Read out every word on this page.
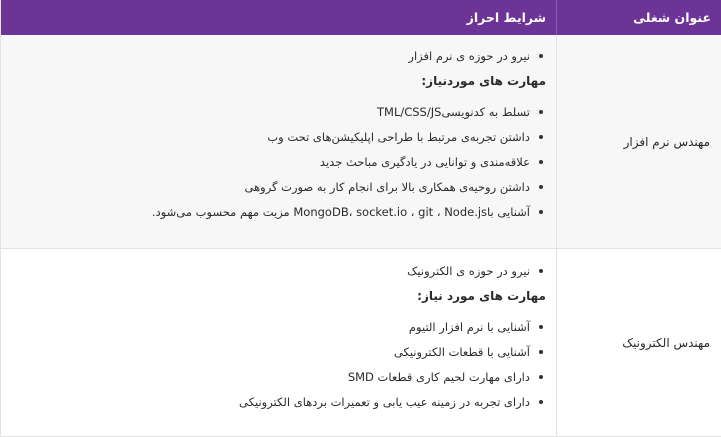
عنوان شغلی
شرایط احراز
مهندس نرم افزار
نیرو در حوزه ی نرم افزار
مهارت های موردنیاز:
تسلط به کدنویسیTML/CSS/JS
داشتن تجربه‌ی مرتبط با طراحی اپلیکیشن‌های تحت وب
علاقه‌مندی و توانایی در یادگیری مباحث جدید
داشتن روحیه‌ی همکاری بالا برای انجام کار به صورت گروهی
آشنایی باMongoDB، socket.io ، git ، Node.js مزیت مهم محسوب می‌شود.
مهندس الکترونیک
نیرو در حوزه ی الکترونیک
مهارت های مورد نیاز:
آشنایی با نرم افزار التیوم
آشنایی با قطعات الکترونیکی
دارای مهارت لحیم کاری قطعات SMD
دارای تجربه در زمینه عیب یابی و تعمیرات بردهای الکترونیکی
